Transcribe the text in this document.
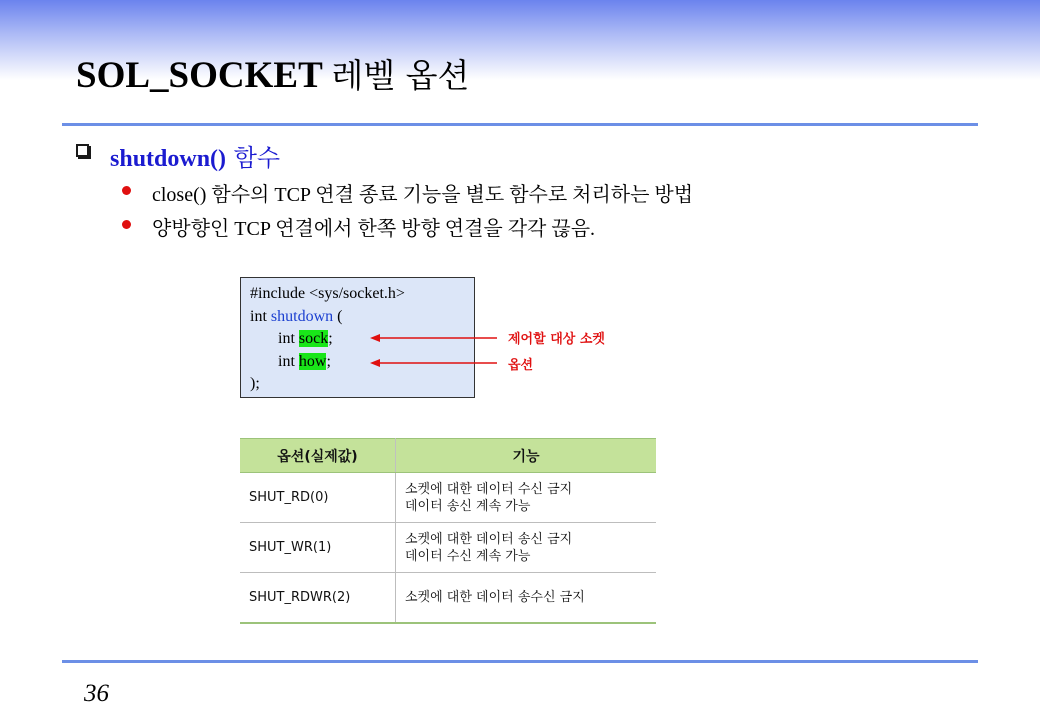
SOL_SOCKET 레벨 옵션
shutdown() 함수
close() 함수의 TCP 연결 종료 기능을 별도 함수로 처리하는 방법
양방향인 TCP 연결에서 한쪽 방향 연결을 각각 끊음.
#include <sys/socket.h>
int shutdown (
int sock;
int how;
);
제어할 대상 소켓
옵션
옵션(실제값)	기능
SHUT_RD(0)	소켓에 대한 데이터 수신 금지
데이터 송신 계속 가능

SHUT_WR(1)	소켓에 대한 데이터 송신 금지
데이터 수신 계속 가능

SHUT_RDWR(2)	소켓에 대한 데이터 송수신 금지
36
